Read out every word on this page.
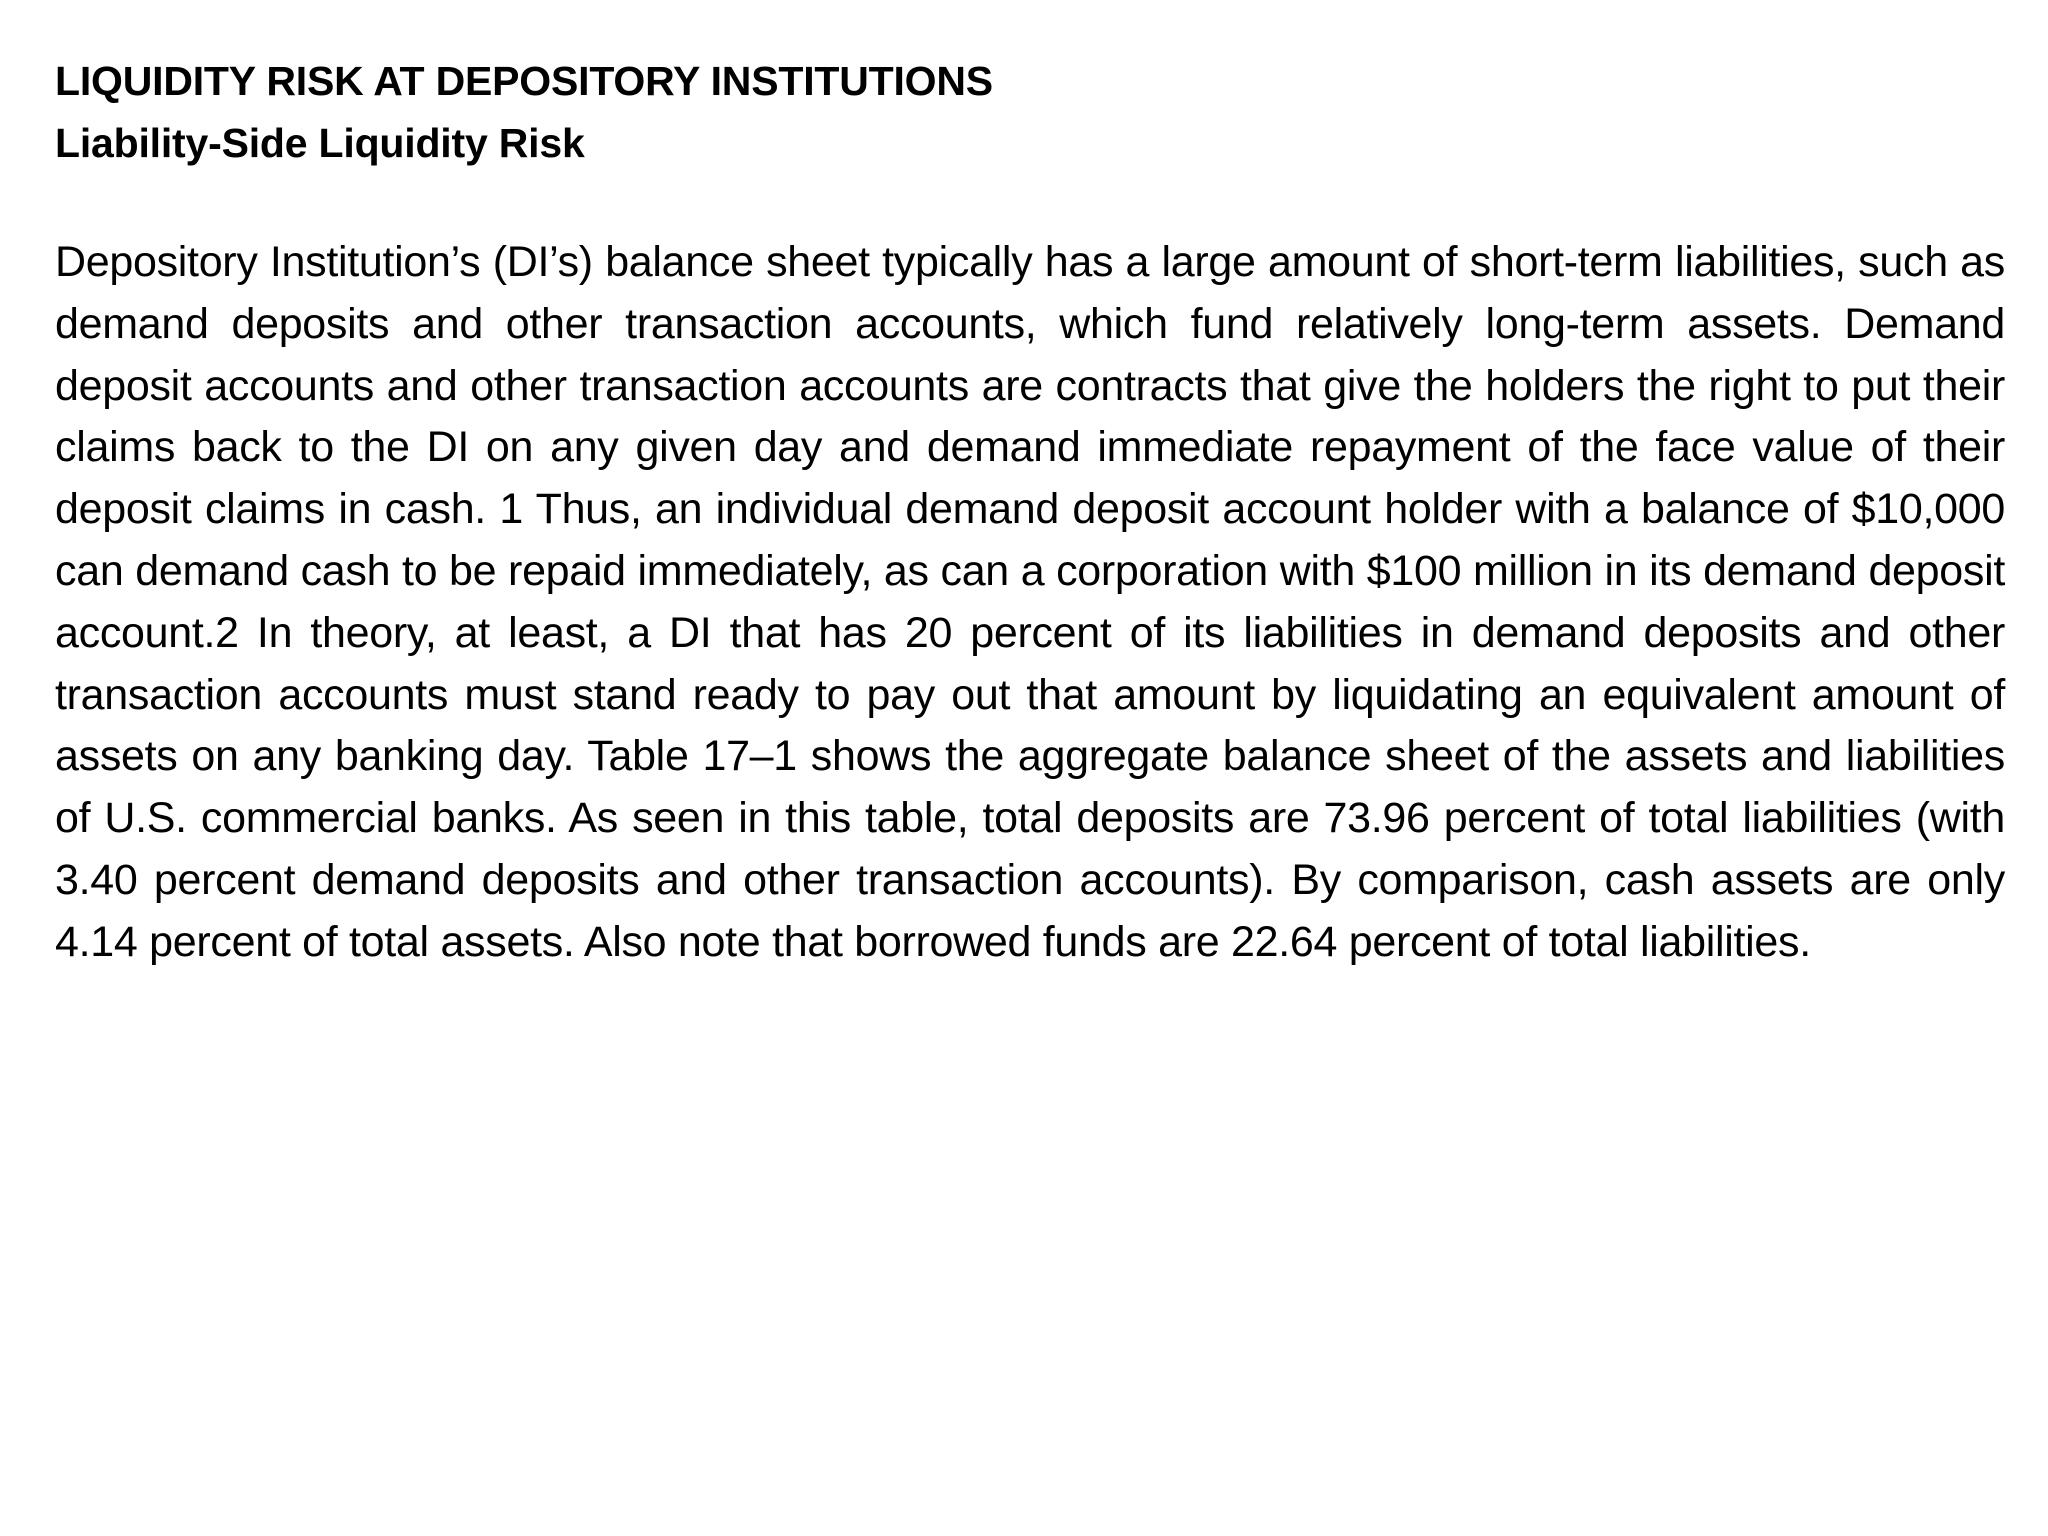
LIQUIDITY RISK AT DEPOSITORY INSTITUTIONS
Liability-Side Liquidity Risk

Depository Institution’s (DI’s) balance sheet typically has a large amount of short-term liabilities, such as demand deposits and other transaction accounts, which fund relatively long-term assets. Demand deposit accounts and other transaction accounts are contracts that give the holders the right to put their claims back to the DI on any given day and demand immediate repayment of the face value of their deposit claims in cash. 1 Thus, an individual demand deposit account holder with a balance of $10,000 can demand cash to be repaid immediately, as can a corporation with $100 million in its demand deposit account.2 In theory, at least, a DI that has 20 percent of its liabilities in demand deposits and other transaction accounts must stand ready to pay out that amount by liquidating an equivalent amount of assets on any banking day. Table 17–1 shows the aggregate balance sheet of the assets and liabilities of U.S. commercial banks. As seen in this table, total deposits are 73.96 percent of total liabilities (with 3.40 percent demand deposits and other transaction accounts). By comparison, cash assets are only 4.14 percent of total assets. Also note that borrowed funds are 22.64 percent of total liabilities.
